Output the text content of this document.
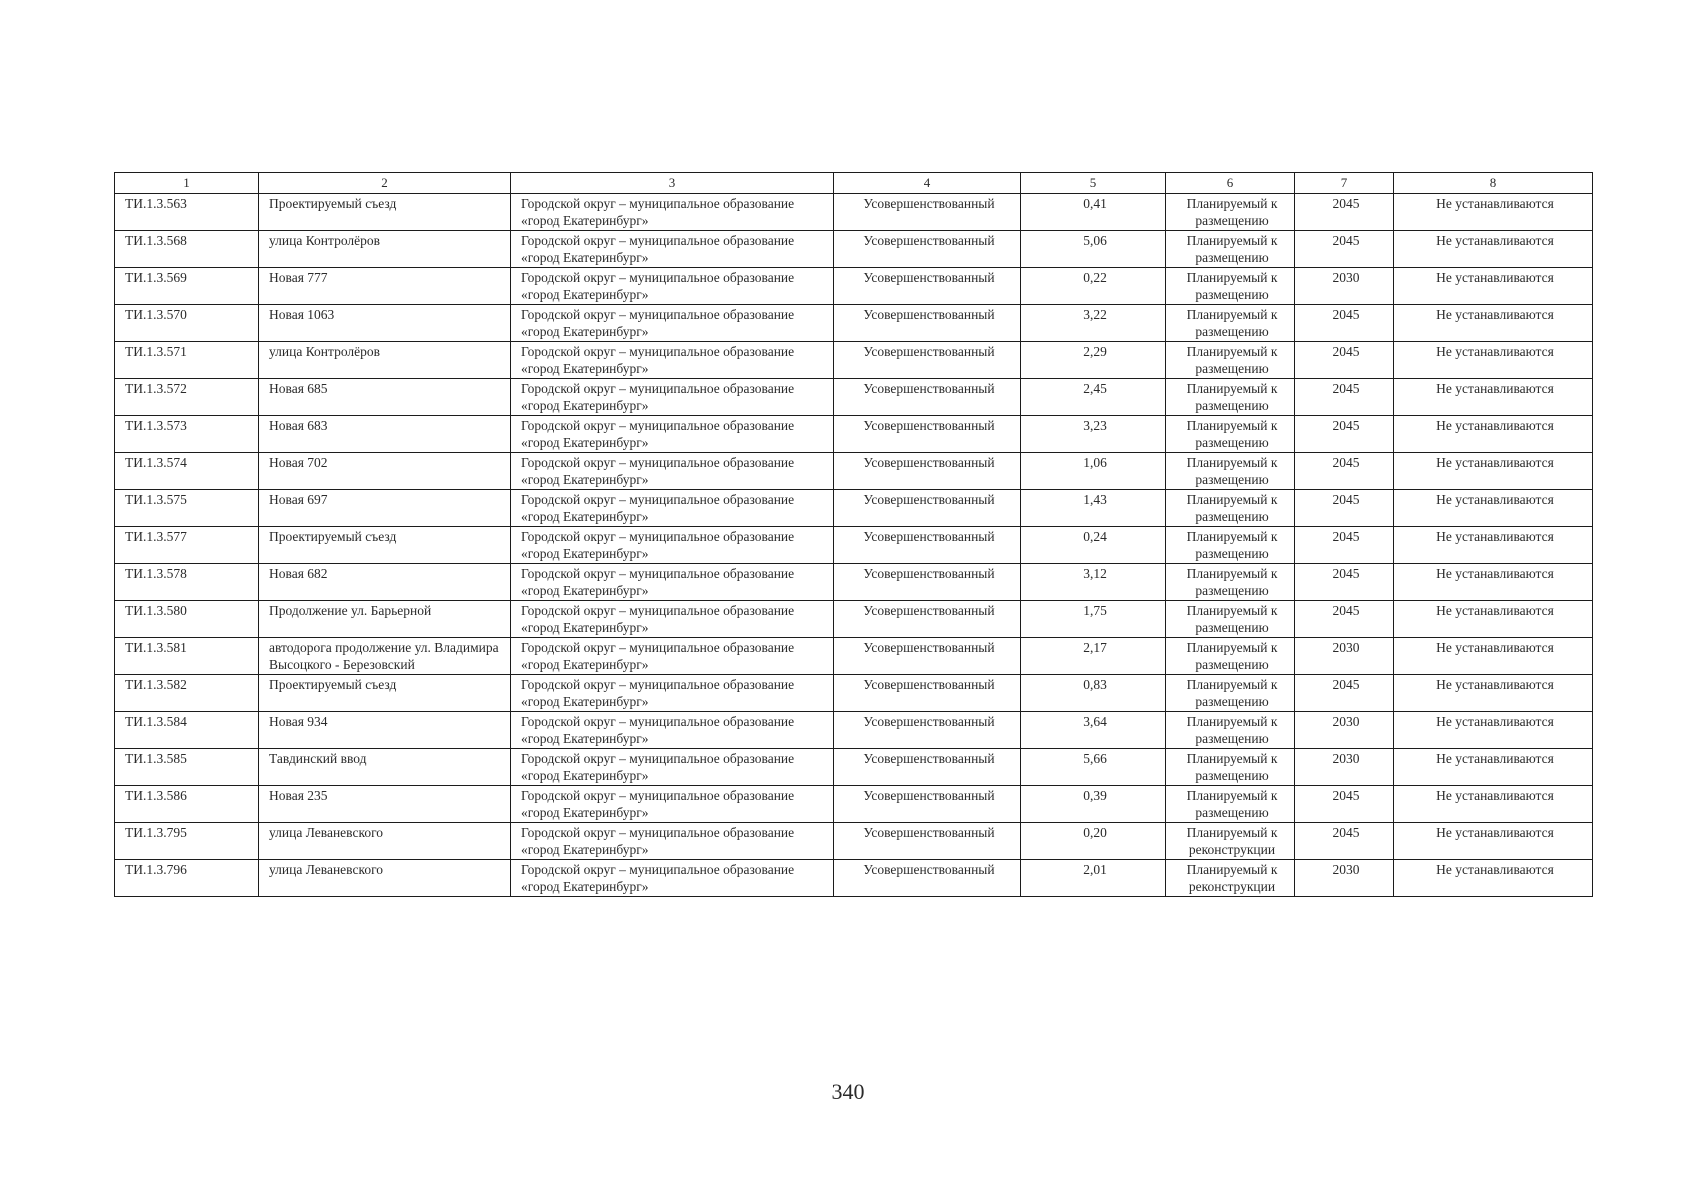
1	2	3	4	5	6	7	8
ТИ.1.3.563	Проектируемый съезд	Городской округ – муниципальное образование «город Екатеринбург»	Усовершенствованный	0,41	Планируемый к размещению	2045	Не устанавливаются
ТИ.1.3.568	улица Контролёров	Городской округ – муниципальное образование «город Екатеринбург»	Усовершенствованный	5,06	Планируемый к размещению	2045	Не устанавливаются
ТИ.1.3.569	Новая 777	Городской округ – муниципальное образование «город Екатеринбург»	Усовершенствованный	0,22	Планируемый к размещению	2030	Не устанавливаются
ТИ.1.3.570	Новая 1063	Городской округ – муниципальное образование «город Екатеринбург»	Усовершенствованный	3,22	Планируемый к размещению	2045	Не устанавливаются
ТИ.1.3.571	улица Контролёров	Городской округ – муниципальное образование «город Екатеринбург»	Усовершенствованный	2,29	Планируемый к размещению	2045	Не устанавливаются
ТИ.1.3.572	Новая 685	Городской округ – муниципальное образование «город Екатеринбург»	Усовершенствованный	2,45	Планируемый к размещению	2045	Не устанавливаются
ТИ.1.3.573	Новая 683	Городской округ – муниципальное образование «город Екатеринбург»	Усовершенствованный	3,23	Планируемый к размещению	2045	Не устанавливаются
ТИ.1.3.574	Новая 702	Городской округ – муниципальное образование «город Екатеринбург»	Усовершенствованный	1,06	Планируемый к размещению	2045	Не устанавливаются
ТИ.1.3.575	Новая 697	Городской округ – муниципальное образование «город Екатеринбург»	Усовершенствованный	1,43	Планируемый к размещению	2045	Не устанавливаются
ТИ.1.3.577	Проектируемый съезд	Городской округ – муниципальное образование «город Екатеринбург»	Усовершенствованный	0,24	Планируемый к размещению	2045	Не устанавливаются
ТИ.1.3.578	Новая 682	Городской округ – муниципальное образование «город Екатеринбург»	Усовершенствованный	3,12	Планируемый к размещению	2045	Не устанавливаются
ТИ.1.3.580	Продолжение ул. Барьерной	Городской округ – муниципальное образование «город Екатеринбург»	Усовершенствованный	1,75	Планируемый к размещению	2045	Не устанавливаются
ТИ.1.3.581	автодорога продолжение ул. Владимира Высоцкого - Березовский	Городской округ – муниципальное образование «город Екатеринбург»	Усовершенствованный	2,17	Планируемый к размещению	2030	Не устанавливаются
ТИ.1.3.582	Проектируемый съезд	Городской округ – муниципальное образование «город Екатеринбург»	Усовершенствованный	0,83	Планируемый к размещению	2045	Не устанавливаются
ТИ.1.3.584	Новая 934	Городской округ – муниципальное образование «город Екатеринбург»	Усовершенствованный	3,64	Планируемый к размещению	2030	Не устанавливаются
ТИ.1.3.585	Тавдинский ввод	Городской округ – муниципальное образование «город Екатеринбург»	Усовершенствованный	5,66	Планируемый к размещению	2030	Не устанавливаются
ТИ.1.3.586	Новая 235	Городской округ – муниципальное образование «город Екатеринбург»	Усовершенствованный	0,39	Планируемый к размещению	2045	Не устанавливаются
ТИ.1.3.795	улица Леваневского	Городской округ – муниципальное образование «город Екатеринбург»	Усовершенствованный	0,20	Планируемый к реконструкции	2045	Не устанавливаются
ТИ.1.3.796	улица Леваневского	Городской округ – муниципальное образование «город Екатеринбург»	Усовершенствованный	2,01	Планируемый к реконструкции	2030	Не устанавливаются
340
